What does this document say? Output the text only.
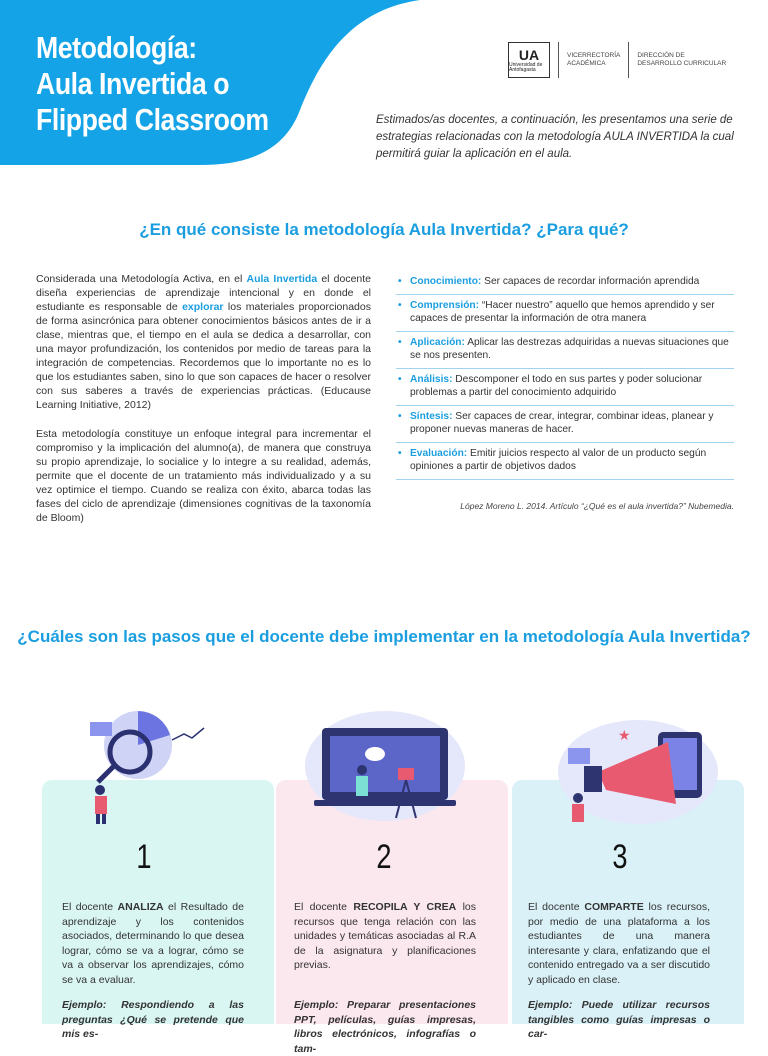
Metodología:
Aula Invertida o
Flipped Classroom
UA
Universidad de Antofagasta
VICERRECTORÍA
ACADÉMICA
DIRECCIÓN DE
DESARROLLO CURRICULAR

Estimados/as docentes, a continuación, les presentamos una serie de estrategias relacionadas con la metodología AULA INVERTIDA la cual permitirá guiar la aplicación en el aula.

¿En qué consiste la metodología Aula Invertida? ¿Para qué?

Considerada una Metodología Activa, en el Aula Invertida el docente diseña experiencias de aprendizaje intencional y en donde el estudiante es responsable de explorar los materiales proporcionados de forma asincrónica para obtener conocimientos básicos antes de ir a clase, mientras que, el tiempo en el aula se dedica a desarrollar, con una mayor profundización, los contenidos por medio de tareas para la integración de competencias. Recordemos que lo importante no es lo que los estudiantes saben, sino lo que son capaces de hacer o resolver con sus saberes a través de experiencias prácticas. (Educause Learning Initiative, 2012)

Esta metodología constituye un enfoque integral para incrementar el compromiso y la implicación del alumno(a), de manera que construya su propio aprendizaje, lo socialice y lo integre a su realidad, además, permite que el docente de un tratamiento más individualizado y a su vez optimice el tiempo. Cuando se realiza con éxito, abarca todas las fases del ciclo de aprendizaje (dimensiones cognitivas de la taxonomía de Bloom)

• Conocimiento: Ser capaces de recordar información aprendida
• Comprensión: “Hacer nuestro” aquello que hemos aprendido y ser capaces de presentar la información de otra manera
• Aplicación: Aplicar las destrezas adquiridas a nuevas situaciones que se nos presenten.
• Análisis: Descomponer el todo en sus partes y poder solucionar problemas a partir del conocimiento adquirido
• Síntesis: Ser capaces de crear, integrar, combinar ideas, planear y proponer nuevas maneras de hacer.
• Evaluación: Emitir juicios respecto al valor de un producto según opiniones a partir de objetivos dados

López Moreno L. 2014. Artículo “¿Qué es el aula invertida?” Nubemedia.

¿Cuáles son las pasos que el docente debe implementar en la metodología Aula Invertida?
★
1	2	3

El docente ANALIZA el Resultado de aprendizaje y los contenidos asociados, determinando lo que desea lograr, cómo se va a lograr, cómo se va a observar los aprendizajes, cómo se va a evaluar.

El docente RECOPILA Y CREA los recursos que tenga relación con las unidades y temáticas asociadas al R.A de la asignatura y planificaciones previas.

El docente COMPARTE los recursos, por medio de una plataforma a los estudiantes de una manera interesante y clara, enfatizando que el contenido entregado va a ser discutido y aplicado en clase.

Ejemplo: Respondiendo a las preguntas ¿Qué se pretende que mis es-

Ejemplo: Preparar presentaciones PPT, películas, guías impresas, libros electrónicos, infografías o tam-

Ejemplo: Puede utilizar recursos tangibles como guías impresas o car-
